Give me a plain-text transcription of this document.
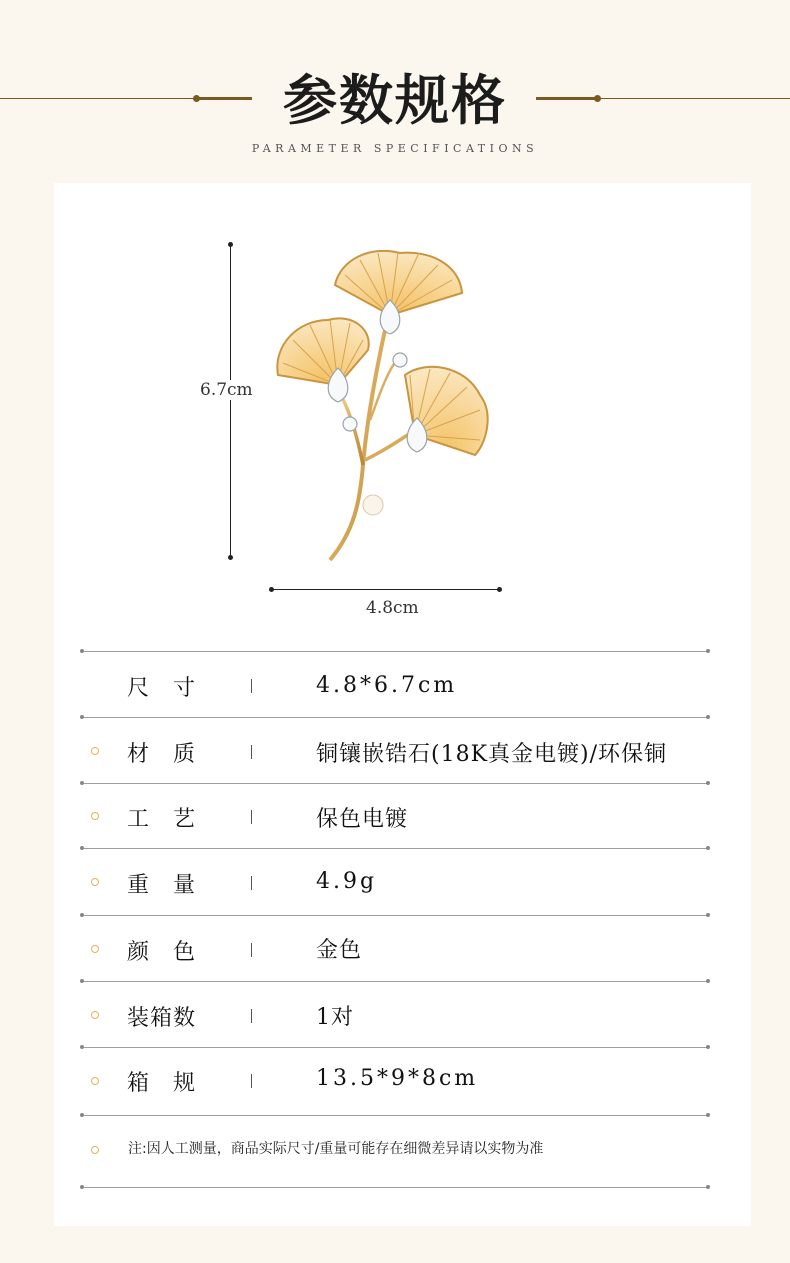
参数规格
PARAMETER SPECIFICATIONS
6.7cm
4.8cm
尺　寸	4.8*6.7cm
材　质	铜镶嵌锆石(18K真金电镀)/环保铜
工　艺	保色电镀
重　量	4.9g
颜　色	金色
装箱数	1对
箱　规	13.5*9*8cm
注:因人工测量，商品实际尺寸/重量可能存在细微差异请以实物为准
